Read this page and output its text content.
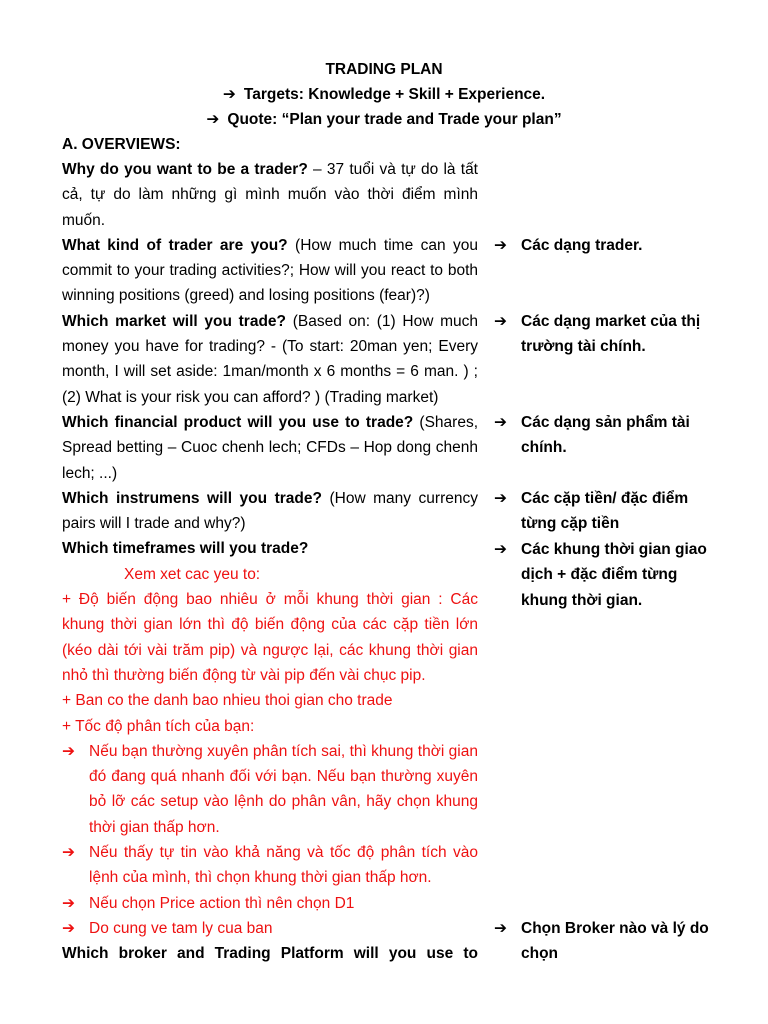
TRADING PLAN
➔ Targets: Knowledge + Skill + Experience.
➔ Quote: “Plan your trade and Trade your plan”
A. OVERVIEWS:

Why do you want to be a trader? – 37 tuổi và tự do là tất cả, tự do làm những gì mình muốn vào thời điểm mình muốn.

What kind of trader are you? (How much time can you commit to your trading activities?; How will you react to both winning positions (greed) and losing positions (fear)?)

Which market will you trade? (Based on: (1) How much money you have for trading? - (To start: 20man yen; Every month, I will set aside: 1man/month x 6 months = 6 man. ) ; (2) What is your risk you can afford? ) (Trading market)

Which financial product will you use to trade? (Shares, Spread betting – Cuoc chenh lech; CFDs – Hop dong chenh lech; ...)

Which instrumens will you trade? (How many currency pairs will I trade and why?)

Which timeframes will you trade?

Xem xet cac yeu to:

+ Độ biến động bao nhiêu ở mỗi khung thời gian : Các khung thời gian lớn thì độ biến động của các cặp tiền lớn (kéo dài tới vài trăm pip) và ngược lại, các khung thời gian nhỏ thì thường biến động từ vài pip đến vài chục pip.

+ Ban co the danh bao nhieu thoi gian cho trade

+ Tốc độ phân tích của bạn:

➔ Nếu bạn thường xuyên phân tích sai, thì khung thời gian đó đang quá nhanh đối với bạn. Nếu bạn thường xuyên bỏ lỡ các setup vào lệnh do phân vân, hãy chọn khung thời gian thấp hơn.

➔ Nếu thấy tự tin vào khả năng và tốc độ phân tích vào lệnh của mình, thì chọn khung thời gian thấp hơn.

➔ Nếu chọn Price action thì nên chọn D1

➔ Do cung ve tam ly cua ban

Which broker and Trading Platform will you use to

➔ Các dạng trader.
➔ Các dạng market của thị trường tài chính.
➔ Các dạng sản phẩm tài chính.
➔ Các cặp tiền/ đặc điểm từng cặp tiền
➔ Các khung thời gian giao dịch + đặc điểm từng khung thời gian.
➔ Chọn Broker nào và lý do chọn
